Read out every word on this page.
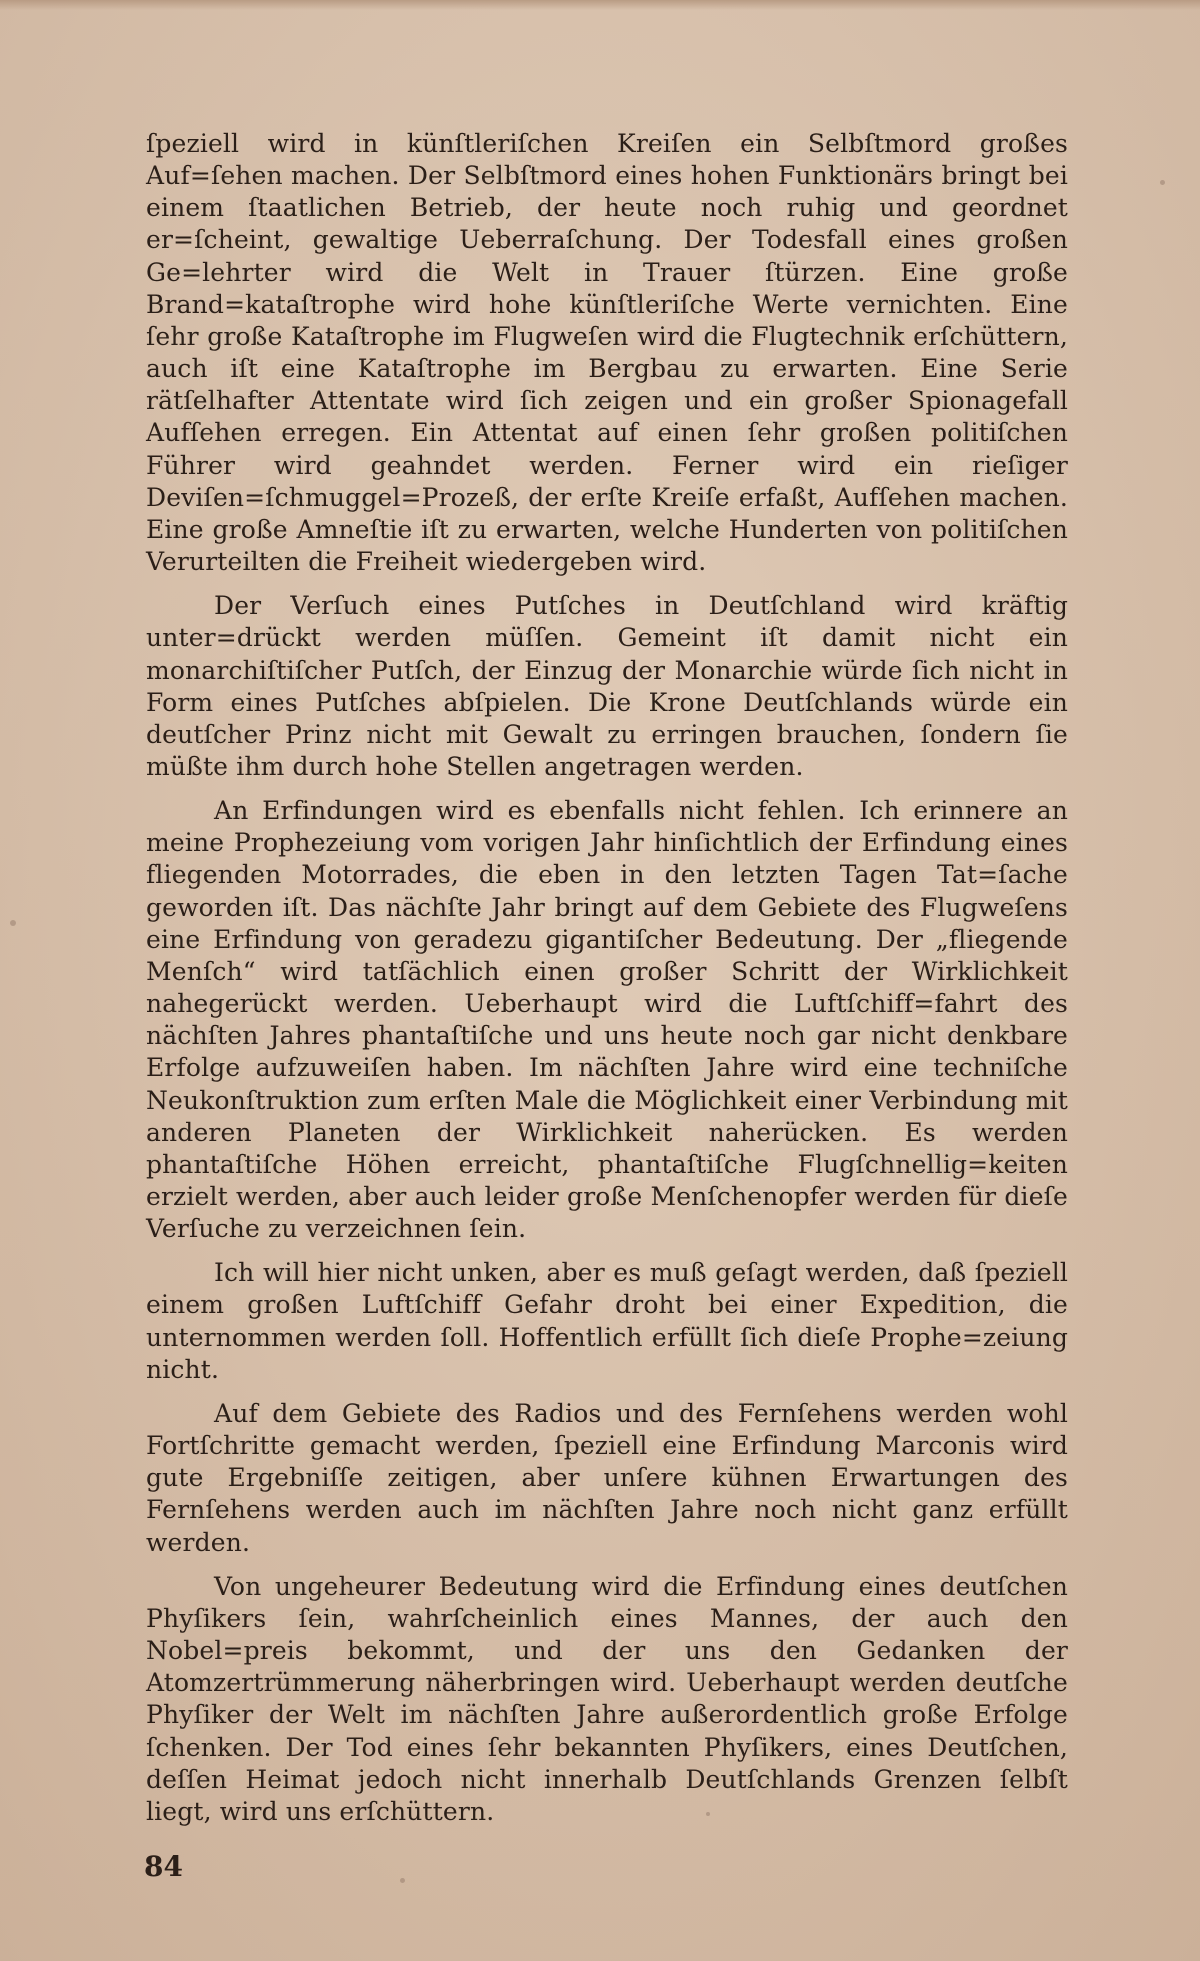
ſpeziell wird in künſtleriſchen Kreiſen ein Selbſtmord großes Auf=ſehen machen. Der Selbſtmord eines hohen Funktionärs bringt bei einem ſtaatlichen Betrieb, der heute noch ruhig und geordnet er=ſcheint, gewaltige Ueberraſchung. Der Todesfall eines großen Ge=lehrter wird die Welt in Trauer ſtürzen. Eine große Brand=kataſtrophe wird hohe künſtleriſche Werte vernichten. Eine ſehr große Kataſtrophe im Flugweſen wird die Flugtechnik erſchüttern, auch iſt eine Kataſtrophe im Bergbau zu erwarten. Eine Serie rätſelhafter Attentate wird ſich zeigen und ein großer Spionagefall Aufſehen erregen. Ein Attentat auf einen ſehr großen politiſchen Führer wird geahndet werden. Ferner wird ein rieſiger Deviſen=ſchmuggel=Prozeß, der erſte Kreiſe erfaßt, Aufſehen machen. Eine große Amneſtie iſt zu erwarten, welche Hunderten von politiſchen Verurteilten die Freiheit wiedergeben wird.

Der Verſuch eines Putſches in Deutſchland wird kräftig unter=drückt werden müſſen. Gemeint iſt damit nicht ein monarchiſtiſcher Putſch, der Einzug der Monarchie würde ſich nicht in Form eines Putſches abſpielen. Die Krone Deutſchlands würde ein deutſcher Prinz nicht mit Gewalt zu erringen brauchen, ſondern ſie müßte ihm durch hohe Stellen angetragen werden.

An Erfindungen wird es ebenfalls nicht fehlen. Ich erinnere an meine Prophezeiung vom vorigen Jahr hinſichtlich der Erfindung eines fliegenden Motorrades, die eben in den letzten Tagen Tat=ſache geworden iſt. Das nächſte Jahr bringt auf dem Gebiete des Flugweſens eine Erfindung von geradezu gigantiſcher Bedeutung. Der „fliegende Menſch“ wird tatſächlich einen großer Schritt der Wirklichkeit nahegerückt werden. Ueberhaupt wird die Luftſchiff=fahrt des nächſten Jahres phantaſtiſche und uns heute noch gar nicht denkbare Erfolge aufzuweiſen haben. Im nächſten Jahre wird eine techniſche Neukonſtruktion zum erſten Male die Möglichkeit einer Verbindung mit anderen Planeten der Wirklichkeit naherücken. Es werden phantaſtiſche Höhen erreicht, phantaſtiſche Flugſchnellig=keiten erzielt werden, aber auch leider große Menſchenopfer werden für dieſe Verſuche zu verzeichnen ſein.

Ich will hier nicht unken, aber es muß geſagt werden, daß ſpeziell einem großen Luftſchiff Gefahr droht bei einer Expedition, die unternommen werden ſoll. Hoffentlich erfüllt ſich dieſe Prophe=zeiung nicht.

Auf dem Gebiete des Radios und des Fernſehens werden wohl Fortſchritte gemacht werden, ſpeziell eine Erfindung Marconis wird gute Ergebniſſe zeitigen, aber unſere kühnen Erwartungen des Fernſehens werden auch im nächſten Jahre noch nicht ganz erfüllt werden.

Von ungeheurer Bedeutung wird die Erfindung eines deutſchen Phyſikers ſein, wahrſcheinlich eines Mannes, der auch den Nobel=preis bekommt, und der uns den Gedanken der Atomzertrümmerung näherbringen wird. Ueberhaupt werden deutſche Phyſiker der Welt im nächſten Jahre außerordentlich große Erfolge ſchenken. Der Tod eines ſehr bekannten Phyſikers, eines Deutſchen, deſſen Heimat jedoch nicht innerhalb Deutſchlands Grenzen ſelbſt liegt, wird uns erſchüttern.

84
